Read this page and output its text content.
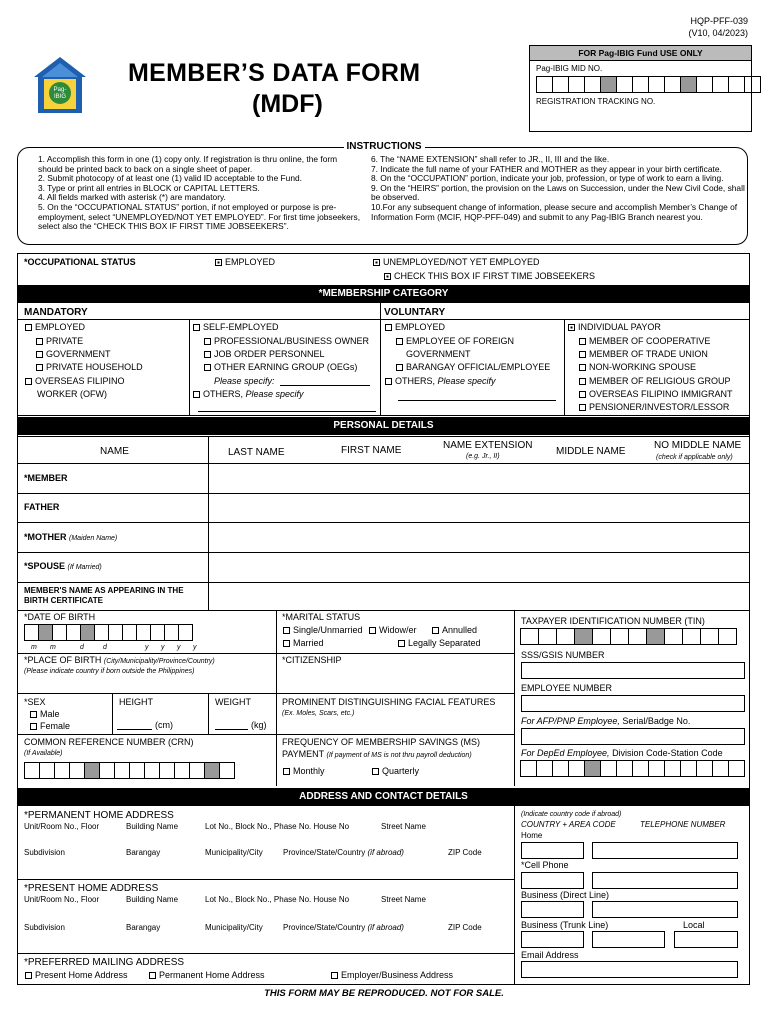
HQP-PFF-039
(V10, 04/2023)
Pag-
IBIG
MEMBER’S DATA FORM
(MDF)
FOR Pag-IBIG Fund USE ONLY
Pag-IBIG MID NO.
REGISTRATION TRACKING NO.
INSTRUCTIONS
1. Accomplish this form in one (1) copy only. If registration is thru online, the form should be printed back to back on a single sheet of paper.
2. Submit photocopy of at least one (1) valid ID acceptable to the Fund.
3. Type or print all entries in BLOCK or CAPITAL LETTERS.
4. All fields marked with asterisk (*) are mandatory.
5. On the “OCCUPATIONAL STATUS” portion, if not employed or purpose is pre-employment, select “UNEMPLOYED/NOT YET EMPLOYED”. For first time jobseekers, select also the “CHECK THIS BOX IF FIRST TIME JOBSEEKERS”.
6. The “NAME EXTENSION” shall refer to JR., II, III and the like.
7. Indicate the full name of your FATHER and MOTHER as they appear in your birth certificate.
8. On the “OCCUPATION” portion, indicate your job, profession, or type of work to earn a living.
9. On the “HEIRS” portion, the provision on the Laws on Succession, under the New Civil Code, shall be observed.
10.For any subsequent change of information, please secure and accomplish Member’s Change of Information Form (MCIF, HQP-PFF-049) and submit to any Pag-IBIG Branch nearest you.
*OCCUPATIONAL STATUS	EMPLOYED	UNEMPLOYED/NOT YET EMPLOYED
CHECK THIS BOX IF FIRST TIME JOBSEEKERS
*MEMBERSHIP CATEGORY
MANDATORY	VOLUNTARY
EMPLOYED
PRIVATE
GOVERNMENT
PRIVATE HOUSEHOLD
OVERSEAS FILIPINO
WORKER (OFW)
SELF-EMPLOYED
PROFESSIONAL/BUSINESS OWNER
JOB ORDER PERSONNEL
OTHER EARNING GROUP (OEGs)
Please specify:
OTHERS, Please specify
EMPLOYED
EMPLOYEE OF FOREIGN
GOVERNMENT
BARANGAY OFFICIAL/EMPLOYEE
OTHERS, Please specify
INDIVIDUAL PAYOR
MEMBER OF COOPERATIVE
MEMBER OF TRADE UNION
NON-WORKING SPOUSE
MEMBER OF RELIGIOUS GROUP
OVERSEAS FILIPINO IMMIGRANT
PENSIONER/INVESTOR/LESSOR
PERSONAL DETAILS
NAME	LAST NAME	FIRST NAME	NAME EXTENSION
(e.g. Jr., II)	MIDDLE NAME
NO MIDDLE NAME
(check if applicable only)
*MEMBER
FATHER
*MOTHER (Maiden Name)
*SPOUSE (If Married)
MEMBER'S NAME AS APPEARING IN THE
BIRTH CERTIFICATE
*DATE OF BIRTH
m m	d	d	y y y y
*MARITAL STATUS
Single/Unmarried	Widow/er	Annulled
Married	Legally Separated
TAXPAYER IDENTIFICATION NUMBER (TIN)
*PLACE OF BIRTH (City/Municipality/Province/Country)
(Please indicate country if born outside the Philippines)
*CITIZENSHIP	SSS/GSIS NUMBER
EMPLOYEE NUMBER
*SEX
Male
Female
HEIGHT
(cm)
WEIGHT
(kg)
PROMINENT DISTINGUISHING FACIAL FEATURES
(Ex. Moles, Scars, etc.)
For AFP/PNP Employee, Serial/Badge No.
COMMON REFERENCE NUMBER (CRN)
(If Available)
FREQUENCY OF MEMBERSHIP SAVINGS (MS)
PAYMENT (If payment of MS is not thru payroll deduction)
Monthly	Quarterly
For DepEd Employee, Division Code-Station Code
ADDRESS AND CONTACT DETAILS
*PERMANENT HOME ADDRESS
Unit/Room No., Floor	Building Name	Lot No., Block No., Phase No. House No	Street Name
Subdivision	Barangay	Municipality/City	Province/State/Country (if abroad)	ZIP Code
*PRESENT HOME ADDRESS
Unit/Room No., Floor	Building Name	Lot No., Block No., Phase No. House No	Street Name
Subdivision	Barangay	Municipality/City	Province/State/Country (if abroad)	ZIP Code
*PREFERRED MAILING ADDRESS
Present Home Address	Permanent Home Address	Employer/Business Address
(Indicate country code if abroad)
COUNTRY + AREA CODE	TELEPHONE NUMBER
Home
*Cell Phone
Business (Direct Line)
Business (Trunk Line)	Local
Email Address
THIS FORM MAY BE REPRODUCED. NOT FOR SALE.
